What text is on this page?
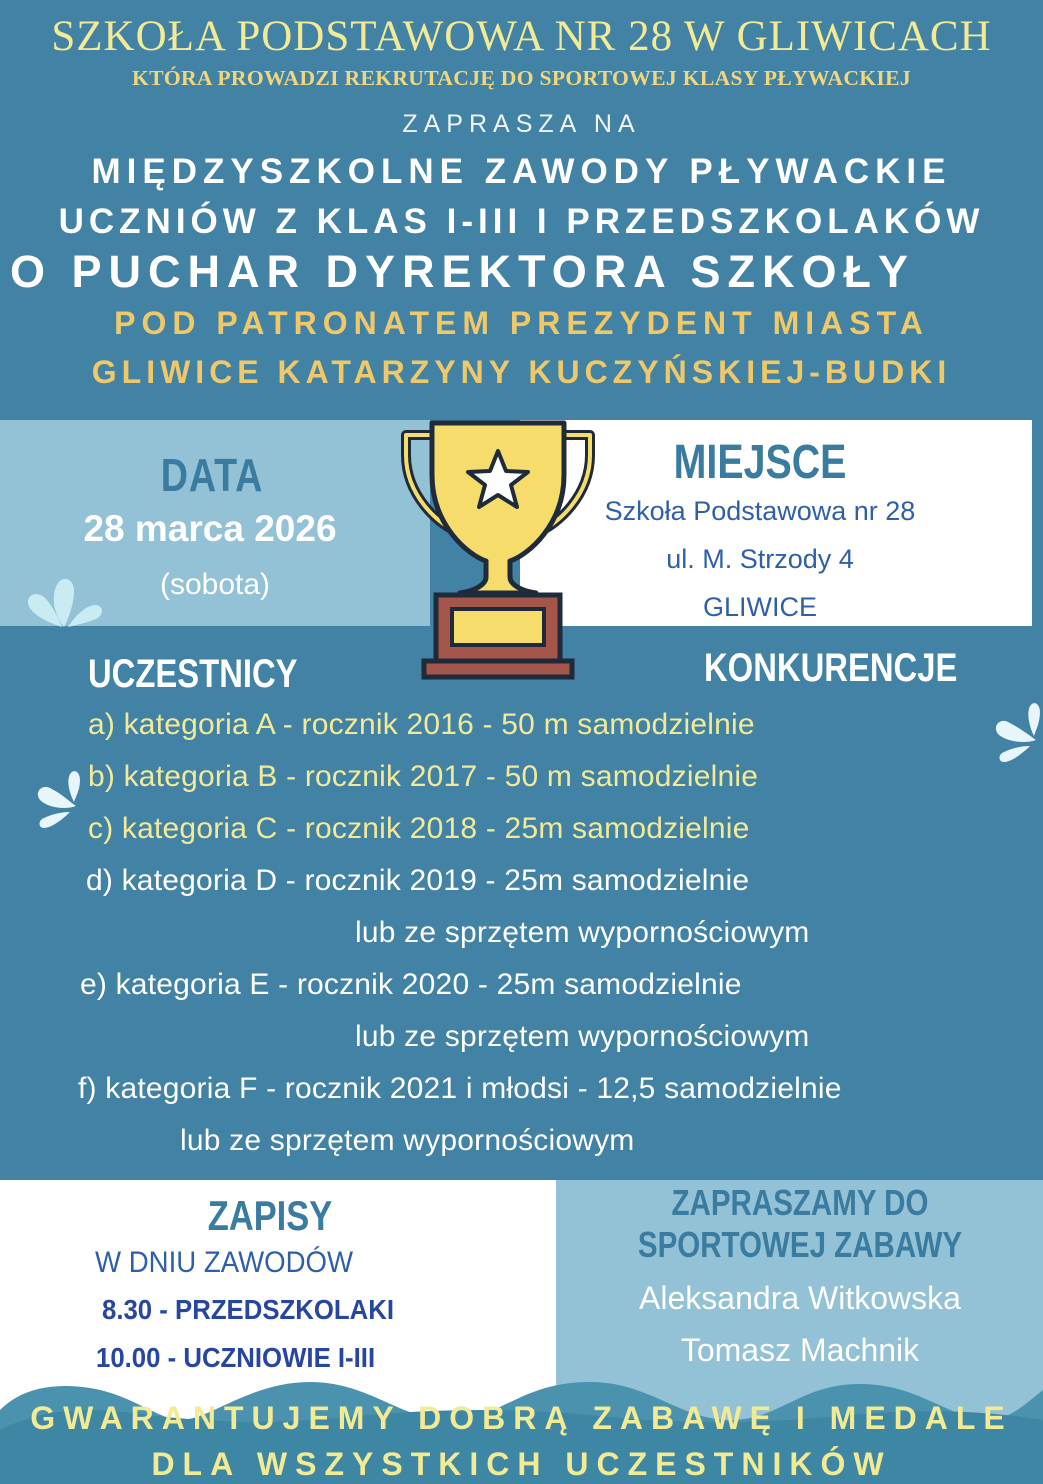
SZKOŁA PODSTAWOWA NR 28 W GLIWICACH
KTÓRA PROWADZI REKRUTACJĘ DO SPORTOWEJ KLASY PŁYWACKIEJ
ZAPRASZA NA
MIĘDZYSZKOLNE ZAWODY PŁYWACKIE
UCZNIÓW Z KLAS I-III I PRZEDSZKOLAKÓW
O PUCHAR DYREKTORA SZKOŁY
POD PATRONATEM PREZYDENT MIASTA
GLIWICE KATARZYNY KUCZYŃSKIEJ-BUDKI
DATA
28 marca 2026
(sobota)
MIEJSCE
Szkoła Podstawowa nr 28
ul. M. Strzody 4
GLIWICE
UCZESTNICY	KONKURENCJE
a) kategoria A - rocznik 2016 - 50 m samodzielnie
b) kategoria B - rocznik 2017 - 50 m samodzielnie
c) kategoria C - rocznik 2018 - 25m samodzielnie
d) kategoria D - rocznik 2019 - 25m samodzielnie
lub ze sprzętem wypornościowym
e) kategoria E - rocznik 2020 - 25m samodzielnie
lub ze sprzętem wypornościowym
f) kategoria F - rocznik 2021 i młodsi - 12,5 samodzielnie
lub ze sprzętem wypornościowym
ZAPISY
W DNIU ZAWODÓW
8.30 - PRZEDSZKOLAKI
10.00 - UCZNIOWIE I-III
ZAPRASZAMY DO
SPORTOWEJ ZABAWY
Aleksandra Witkowska
Tomasz Machnik
GWARANTUJEMY DOBRĄ ZABAWĘ I MEDALE
DLA WSZYSTKICH UCZESTNIKÓW
